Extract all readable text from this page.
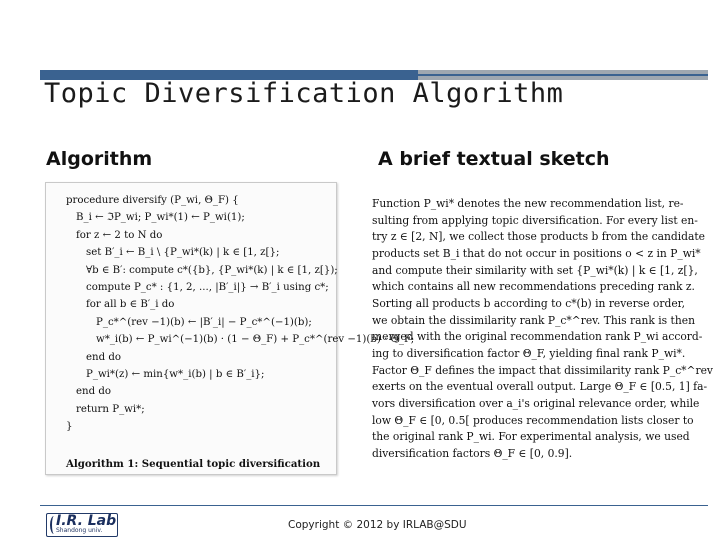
Topic Diversification Algorithm
Algorithm	A brief textual sketch
procedure diversify (P_wi, Θ_F) {
B_i ← ℑP_wi; P_wi*(1) ← P_wi(1);
for z ← 2 to N do
set B′_i ← B_i \ {P_wi*(k) | k ∈ [1, z[};
∀b ∈ B′: compute c*({b}, {P_wi*(k) | k ∈ [1, z[});
compute P_c* : {1, 2, ..., |B′_i|} → B′_i using c*;
for all b ∈ B′_i do
P_c*^(rev −1)(b) ← |B′_i| − P_c*^(−1)(b);
w*_i(b) ← P_wi^(−1)(b) · (1 − Θ_F) + P_c*^(rev −1)(b) · Θ_F;
end do
P_wi*(z) ← min{w*_i(b) | b ∈ B′_i};
end do
return P_wi*;
}
Algorithm 1: Sequential topic diversification
Function P_wi* denotes the new recommendation list, re-
sulting from applying topic diversification. For every list en-
try z ∈ [2, N], we collect those products b from the candidate
products set B_i that do not occur in positions o < z in P_wi*
and compute their similarity with set {P_wi*(k) | k ∈ [1, z[},
which contains all new recommendations preceding rank z.
Sorting all products b according to c*(b) in reverse order,
we obtain the dissimilarity rank P_c*^rev. This rank is then
merged with the original recommendation rank P_wi accord-
ing to diversification factor Θ_F, yielding final rank P_wi*.
Factor Θ_F defines the impact that dissimilarity rank P_c*^rev
exerts on the eventual overall output. Large Θ_F ∈ [0.5, 1] fa-
vors diversification over a_i's original relevance order, while
low Θ_F ∈ [0, 0.5[ produces recommendation lists closer to
the original rank P_wi. For experimental analysis, we used
diversification factors Θ_F ∈ [0, 0.9].
I.R. Lab
Shandong univ.	Copyright © 2012 by IRLAB@SDU
